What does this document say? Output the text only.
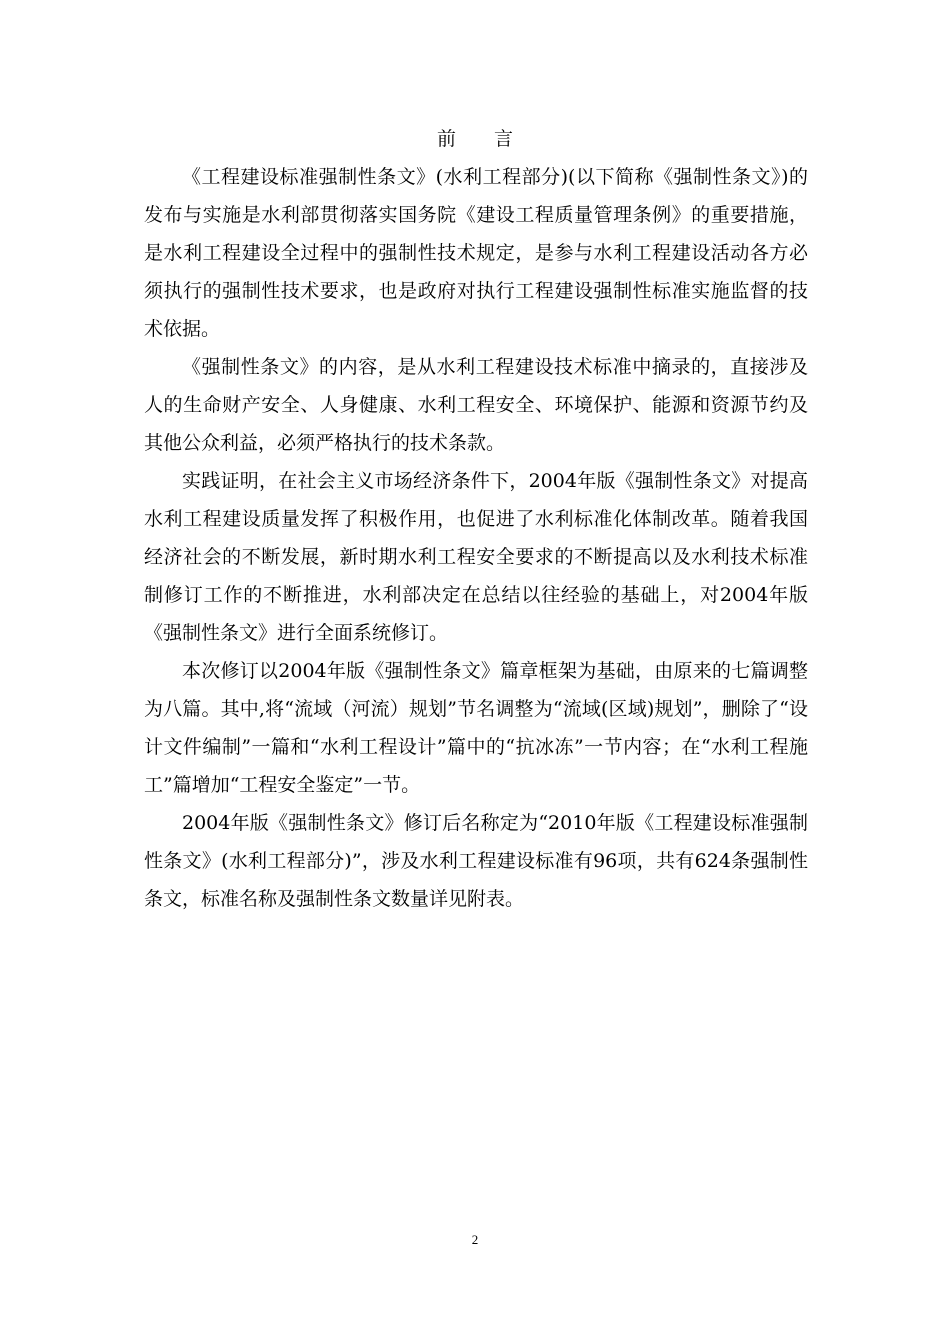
前　　言

《工程建设标准强制性条文》(水利工程部分)(以下简称《强制性条文》)的发布与实施是水利部贯彻落实国务院《建设工程质量管理条例》的重要措施，是水利工程建设全过程中的强制性技术规定，是参与水利工程建设活动各方必须执行的强制性技术要求，也是政府对执行工程建设强制性标准实施监督的技术依据。

《强制性条文》的内容，是从水利工程建设技术标准中摘录的，直接涉及人的生命财产安全、人身健康、水利工程安全、环境保护、能源和资源节约及其他公众利益，必须严格执行的技术条款。

实践证明，在社会主义市场经济条件下，2004年版《强制性条文》对提高水利工程建设质量发挥了积极作用，也促进了水利标准化体制改革。随着我国经济社会的不断发展，新时期水利工程安全要求的不断提高以及水利技术标准制修订工作的不断推进，水利部决定在总结以往经验的基础上，对2004年版《强制性条文》进行全面系统修订。

本次修订以2004年版《强制性条文》篇章框架为基础，由原来的七篇调整为八篇。其中,将“流域（河流）规划”节名调整为“流域(区域)规划”，删除了“设计文件编制”一篇和“水利工程设计”篇中的“抗冰冻”一节内容；在“水利工程施工”篇增加“工程安全鉴定”一节。

2004年版《强制性条文》修订后名称定为“2010年版《工程建设标准强制性条文》(水利工程部分)”，涉及水利工程建设标准有96项，共有624条强制性条文，标准名称及强制性条文数量详见附表。

2
